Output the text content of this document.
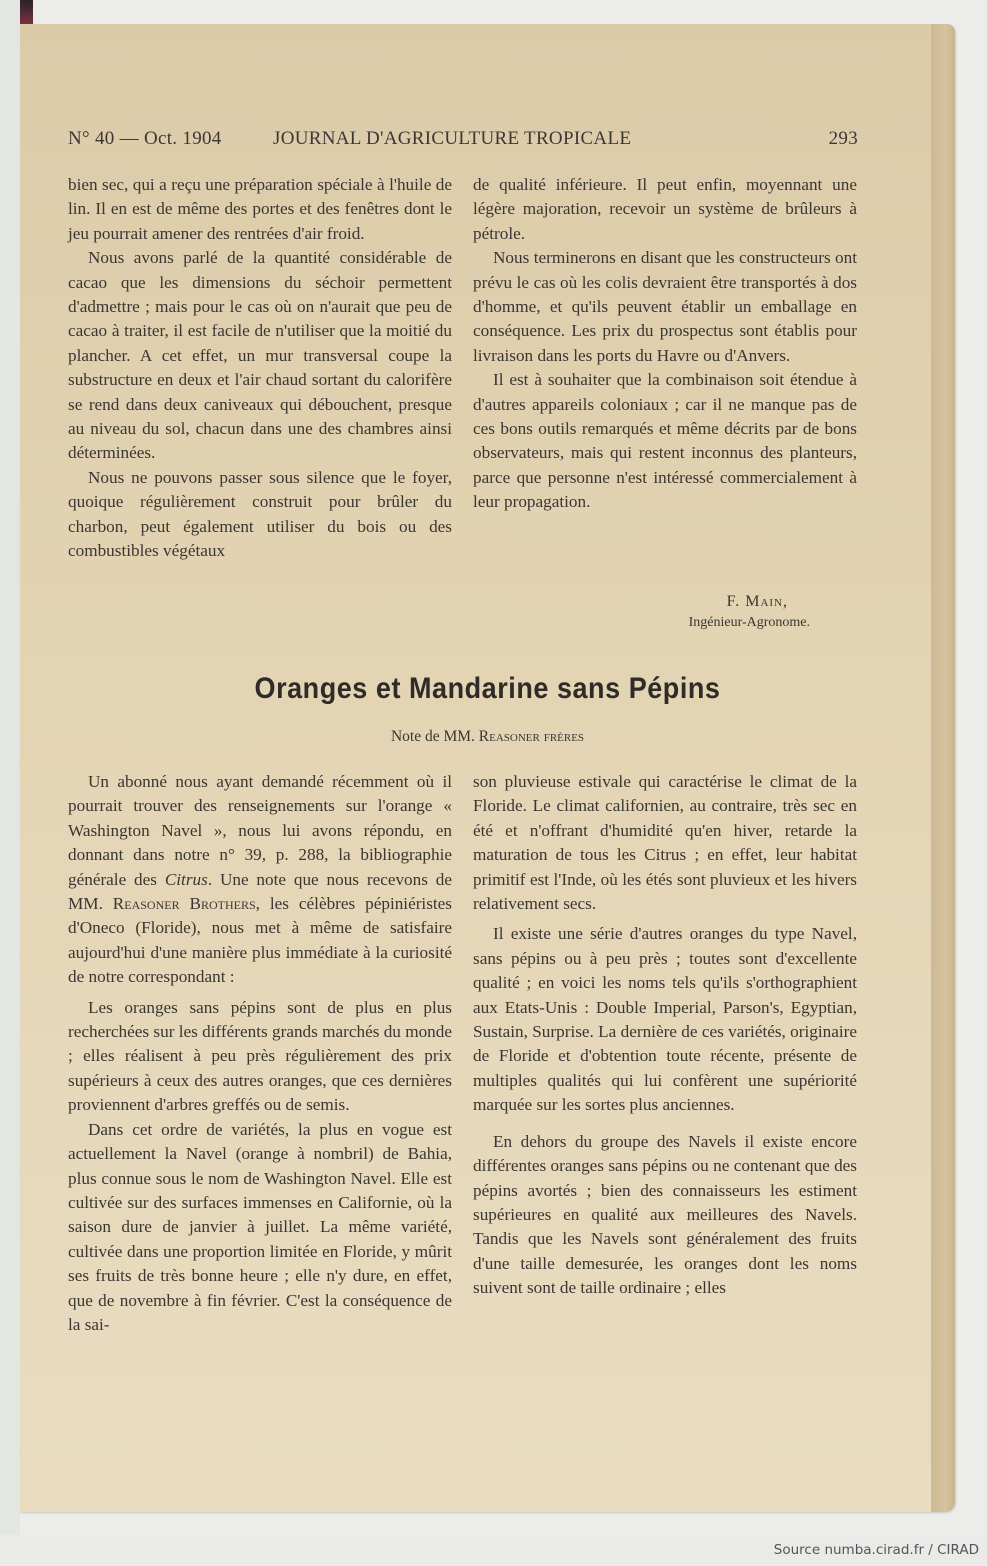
N° 40 — Oct. 1904	JOURNAL D'AGRICULTURE TROPICALE	293

bien sec, qui a reçu une préparation spéciale à l'huile de lin. Il en est de même des portes et des fenêtres dont le jeu pourrait amener des rentrées d'air froid.

Nous avons parlé de la quantité considérable de cacao que les dimensions du séchoir permettent d'admettre ; mais pour le cas où on n'aurait que peu de cacao à traiter, il est facile de n'utiliser que la moitié du plancher. A cet effet, un mur transversal coupe la substructure en deux et l'air chaud sortant du calorifère se rend dans deux caniveaux qui débouchent, presque au niveau du sol, chacun dans une des chambres ainsi déterminées.

Nous ne pouvons passer sous silence que le foyer, quoique régulièrement construit pour brûler du charbon, peut également utiliser du bois ou des combustibles végétaux

de qualité inférieure. Il peut enfin, moyennant une légère majoration, recevoir un système de brûleurs à pétrole.

Nous terminerons en disant que les constructeurs ont prévu le cas où les colis devraient être transportés à dos d'homme, et qu'ils peuvent établir un emballage en conséquence. Les prix du prospectus sont établis pour livraison dans les ports du Havre ou d'Anvers.

Il est à souhaiter que la combinaison soit étendue à d'autres appareils coloniaux ; car il ne manque pas de ces bons outils remarqués et même décrits par de bons observateurs, mais qui restent inconnus des planteurs, parce que personne n'est intéressé commercialement à leur propagation.

F. Main,
Ingénieur-Agronome.
Oranges et Mandarine sans Pépins
Note de MM. Reasoner frères

Un abonné nous ayant demandé récemment où il pourrait trouver des renseignements sur l'orange « Washington Navel », nous lui avons répondu, en donnant dans notre n° 39, p. 288, la bibliographie générale des Citrus. Une note que nous recevons de MM. Reasoner Brothers, les célèbres pépiniéristes d'Oneco (Floride), nous met à même de satisfaire aujourd'hui d'une manière plus immédiate à la curiosité de notre correspondant :

Les oranges sans pépins sont de plus en plus recherchées sur les différents grands marchés du monde ; elles réalisent à peu près régulièrement des prix supérieurs à ceux des autres oranges, que ces dernières proviennent d'arbres greffés ou de semis.

Dans cet ordre de variétés, la plus en vogue est actuellement la Navel (orange à nombril) de Bahia, plus connue sous le nom de Washington Navel. Elle est cultivée sur des surfaces immenses en Californie, où la saison dure de janvier à juillet. La même variété, cultivée dans une proportion limitée en Floride, y mûrit ses fruits de très bonne heure ; elle n'y dure, en effet, que de novembre à fin février. C'est la conséquence de la sai-

son pluvieuse estivale qui caractérise le climat de la Floride. Le climat californien, au contraire, très sec en été et n'offrant d'humidité qu'en hiver, retarde la maturation de tous les Citrus ; en effet, leur habitat primitif est l'Inde, où les étés sont pluvieux et les hivers relativement secs.

Il existe une série d'autres oranges du type Navel, sans pépins ou à peu près ; toutes sont d'excellente qualité ; en voici les noms tels qu'ils s'orthographient aux Etats-Unis : Double Imperial, Parson's, Egyptian, Sustain, Surprise. La dernière de ces variétés, originaire de Floride et d'obtention toute récente, présente de multiples qualités qui lui confèrent une supériorité marquée sur les sortes plus anciennes.

En dehors du groupe des Navels il existe encore différentes oranges sans pépins ou ne contenant que des pépins avortés ; bien des connaisseurs les estiment supérieures en qualité aux meilleures des Navels. Tandis que les Navels sont généralement des fruits d'une taille demesurée, les oranges dont les noms suivent sont de taille ordinaire ; elles

Source numba.cirad.fr / CIRAD
